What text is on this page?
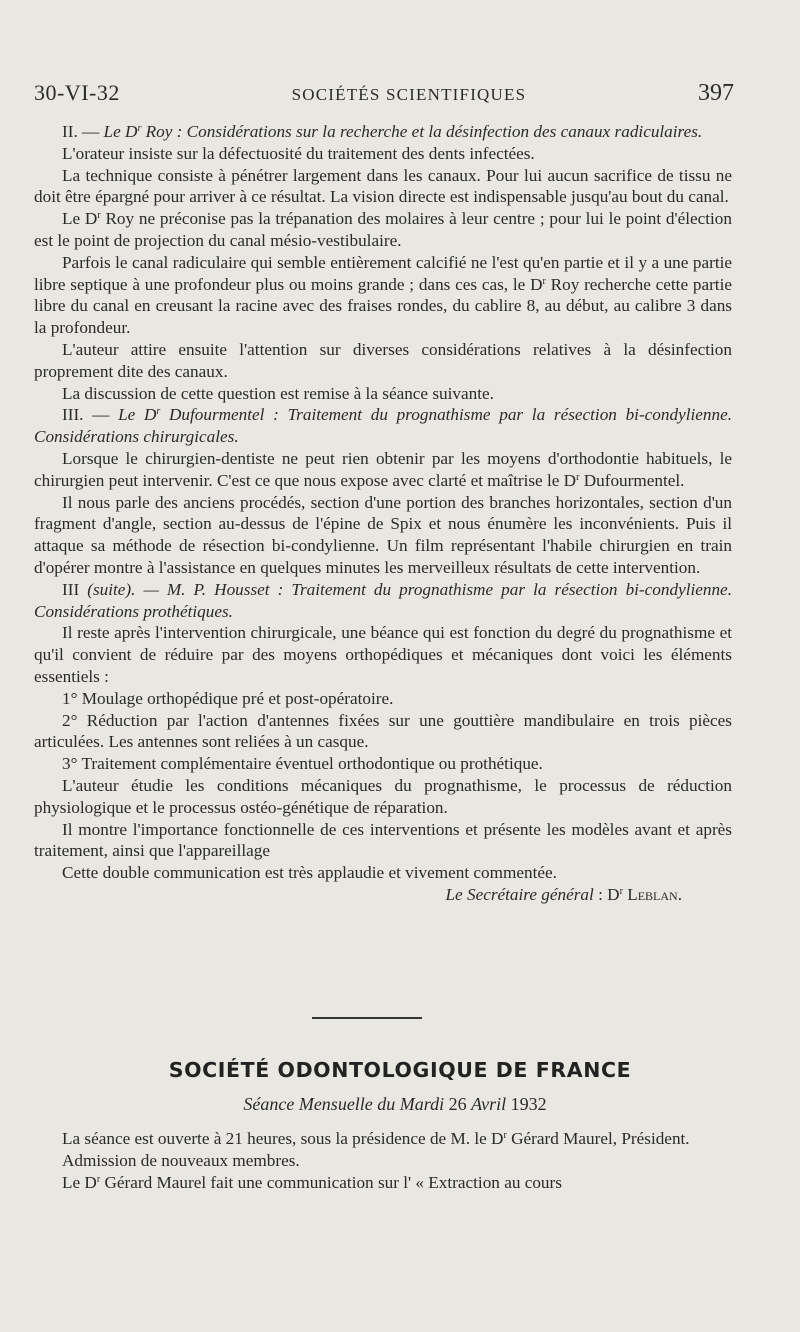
30-VI-32	SOCIÉTÉS SCIENTIFIQUES	397

II. — Le $D^r$ Roy : Considérations sur la recherche et la désinfection des canaux radiculaires.

L'orateur insiste sur la défectuosité du traitement des dents infectées.

La technique consiste à pénétrer largement dans les canaux. Pour lui aucun sacrifice de tissu ne doit être épargné pour arriver à ce résultat. La vision directe est indispensable jusqu'au bout du canal.

Le $D^r$ Roy ne préconise pas la trépanation des molaires à leur centre ; pour lui le point d'élection est le point de projection du canal mésio-vestibulaire.

Parfois le canal radiculaire qui semble entièrement calcifié ne l'est qu'en partie et il y a une partie libre septique à une profondeur plus ou moins grande ; dans ces cas, le $D^r$ Roy recherche cette partie libre du canal en creusant la racine avec des fraises rondes, du cablire 8, au début, au calibre 3 dans la profondeur.

L'auteur attire ensuite l'attention sur diverses considérations relatives à la désinfection proprement dite des canaux.

La discussion de cette question est remise à la séance suivante.

III. — Le $D^r$ Dufourmentel : Traitement du prognathisme par la résection bi-condylienne. Considérations chirurgicales.

Lorsque le chirurgien-dentiste ne peut rien obtenir par les moyens d'orthodontie habituels, le chirurgien peut intervenir. C'est ce que nous expose avec clarté et maîtrise le $D^r$ Dufourmentel.

Il nous parle des anciens procédés, section d'une portion des branches horizontales, section d'un fragment d'angle, section au-dessus de l'épine de Spix et nous énumère les inconvénients. Puis il attaque sa méthode de résection bi-condylienne. Un film représentant l'habile chirurgien en train d'opérer montre à l'assistance en quelques minutes les merveilleux résultats de cette intervention.

III (suite). — M. P. Housset : Traitement du prognathisme par la résection bi-condylienne. Considérations prothétiques.

Il reste après l'intervention chirurgicale, une béance qui est fonction du degré du prognathisme et qu'il convient de réduire par des moyens orthopédiques et mécaniques dont voici les éléments essentiels :

1° Moulage orthopédique pré et post-opératoire.

2° Réduction par l'action d'antennes fixées sur une gouttière mandibulaire en trois pièces articulées. Les antennes sont reliées à un casque.

3° Traitement complémentaire éventuel orthodontique ou prothétique.

L'auteur étudie les conditions mécaniques du prognathisme, le processus de réduction physiologique et le processus ostéo-génétique de réparation.

Il montre l'importance fonctionnelle de ces interventions et présente les modèles avant et après traitement, ainsi que l'appareillage

Cette double communication est très applaudie et vivement commentée.

Le Secrétaire général : $D^r$ Leblan.

SOCIÉTÉ ODONTOLOGIQUE DE FRANCE
Séance Mensuelle du Mardi 26 Avril 1932

La séance est ouverte à 21 heures, sous la présidence de M. le $D^r$ Gérard Maurel, Président.

Admission de nouveaux membres.

Le $D^r$ Gérard Maurel fait une communication sur l' « Extraction au cours
